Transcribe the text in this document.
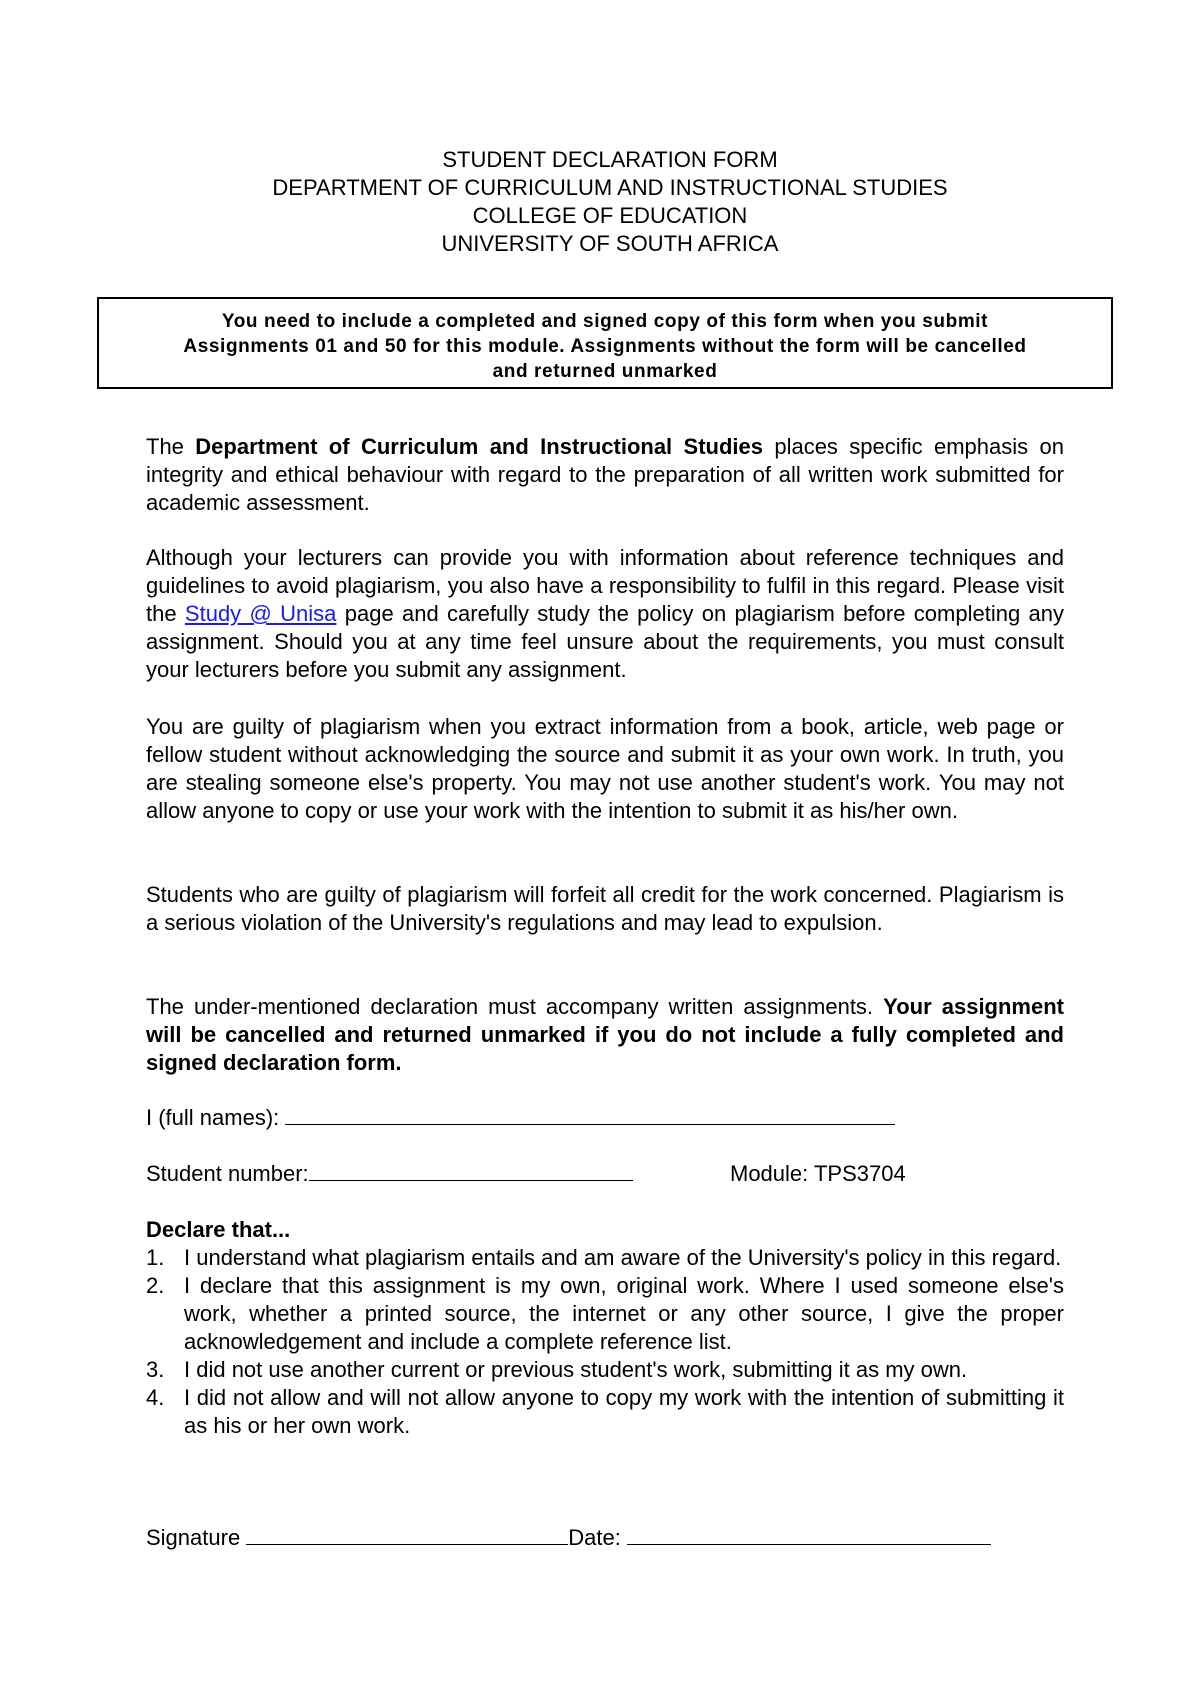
STUDENT DECLARATION FORM
DEPARTMENT OF CURRICULUM AND INSTRUCTIONAL STUDIES
COLLEGE OF EDUCATION
UNIVERSITY OF SOUTH AFRICA
You need to include a completed and signed copy of this form when you submit
Assignments 01 and 50 for this module. Assignments without the form will be cancelled
and returned unmarked

The Department of Curriculum and Instructional Studies places specific emphasis on integrity and ethical behaviour with regard to the preparation of all written work submitted for academic assessment.

Although your lecturers can provide you with information about reference techniques and guidelines to avoid plagiarism, you also have a responsibility to fulfil in this regard. Please visit the Study @ Unisa page and carefully study the policy on plagiarism before completing any assignment. Should you at any time feel unsure about the requirements, you must consult your lecturers before you submit any assignment.

You are guilty of plagiarism when you extract information from a book, article, web page or fellow student without acknowledging the source and submit it as your own work. In truth, you are stealing someone else's property. You may not use another student's work. You may not allow anyone to copy or use your work with the intention to submit it as his/her own.

Students who are guilty of plagiarism will forfeit all credit for the work concerned. Plagiarism is a serious violation of the University's regulations and may lead to expulsion.

The under-mentioned declaration must accompany written assignments. Your assignment will be cancelled and returned unmarked if you do not include a fully completed and signed declaration form.

I (full names):
Student number:	Module: TPS3704
Declare that...
1. I understand what plagiarism entails and am aware of the University's policy in this regard.
2. I declare that this assignment is my own, original work. Where I used someone else's work, whether a printed source, the internet or any other source, I give the proper acknowledgement and include a complete reference list.
3. I did not use another current or previous student's work, submitting it as my own.
4. I did not allow and will not allow anyone to copy my work with the intention of submitting it as his or her own work.
Signature	Date:
